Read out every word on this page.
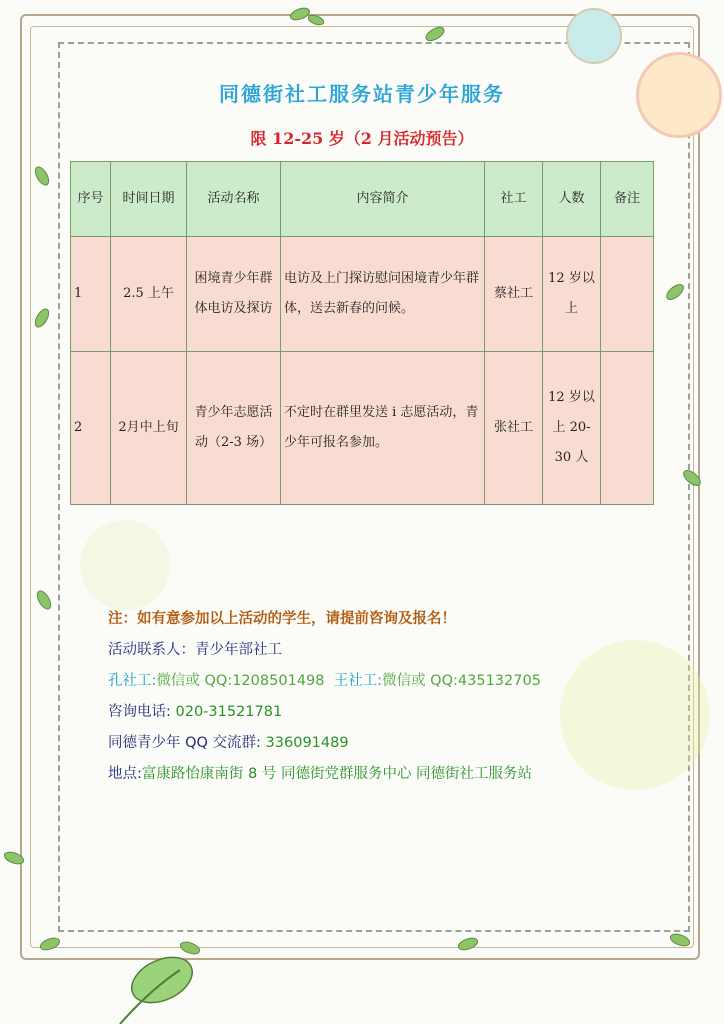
同德街社工服务站青少年服务
限 12-25 岁（2 月活动预告）
序号	时间日期	活动名称	内容简介	社工	人数	备注
1	2.5 上午	困境青少年群体电访及探访	电访及上门探访慰问困境青少年群体，送去新春的问候。	蔡社工	12 岁以上	
2	2月中上旬	青少年志愿活动（2-3 场）	不定时在群里发送 i 志愿活动，青少年可报名参加。	张社工	12 岁以上 20-30 人	
注：如有意参加以上活动的学生，请提前咨询及报名！
活动联系人：青少年部社工
孔社工:微信或 QQ:1208501498 王社工:微信或 QQ:435132705
咨询电话: 020-31521781
同德青少年 QQ 交流群: 336091489
地点:富康路怡康南街 8 号 同德街党群服务中心 同德街社工服务站
